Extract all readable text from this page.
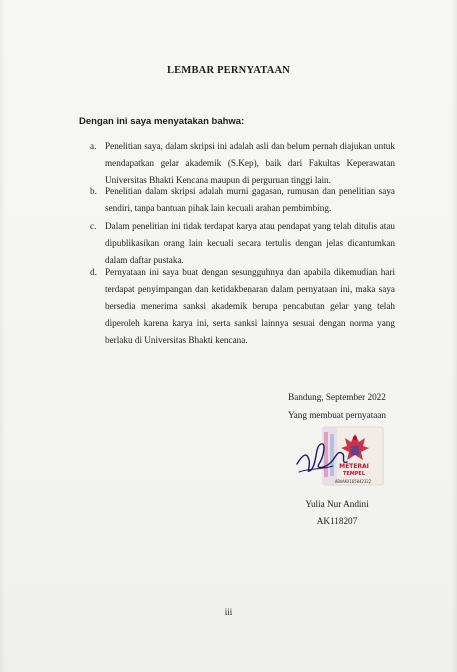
LEMBAR PERNYATAAN
Dengan ini saya menyatakan bahwa:
a. Penelitian saya, dalam skripsi ini adalah asli dan belum pernah diajukan untuk mendapatkan gelar akademik (S.Kep), baik dari Fakultas Keperawatan Universitas Bhakti Kencana maupun di perguruan tinggi lain.
b. Penelitian dalam skripsi adalah murni gagasan, rumusan dan penelitian saya sendiri, tanpa bantuan pihak lain kecuali arahan pembimbing.
c. Dalam penelitian ini tidak terdapat karya atau pendapat yang telah ditulis atau dipublikasikan orang lain kecuali secara tertulis dengan jelas dicantumkan dalam daftar pustaka.
d. Pernyataan ini saya buat dengan sesungguhnya dan apabila dikemudian hari terdapat penyimpangan dan ketidakbenaran dalam pernyataan ini, maka saya bersedia menerima sanksi akademik berupa pencabutan gelar yang telah diperoleh karena karya ini, serta sanksi lainnya sesuai dengan norma yang berlaku di Universitas Bhakti kencana.
Bandung, September 2022
Yang membuat pernyataan
METERAI
TEMPEL
ABAAKX165042322
Yulia Nur Andini
AK118207
iii
